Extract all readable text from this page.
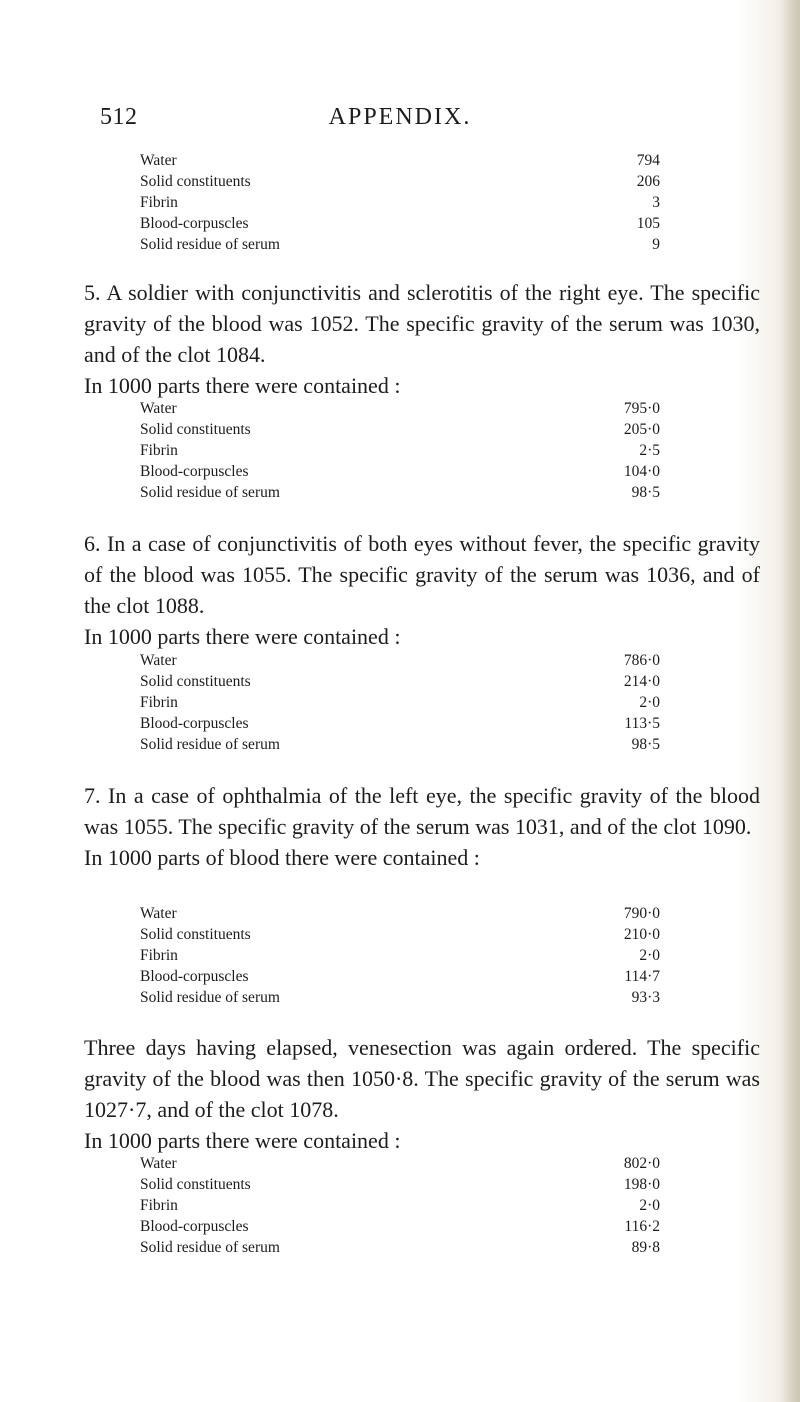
512	APPENDIX.
Water	794
Solid constituents	206
Fibrin	3
Blood-corpuscles	105
Solid residue of serum	9

5. A soldier with conjunctivitis and sclerotitis of the right eye. The specific gravity of the blood was 1052. The specific gravity of the serum was 1030, and of the clot 1084.

In 1000 parts there were contained :

Water	795·0
Solid constituents	205·0
Fibrin	2·5
Blood-corpuscles	104·0
Solid residue of serum	98·5

6. In a case of conjunctivitis of both eyes without fever, the specific gravity of the blood was 1055. The specific gravity of the serum was 1036, and of the clot 1088.

In 1000 parts there were contained :

Water	786·0
Solid constituents	214·0
Fibrin	2·0
Blood-corpuscles	113·5
Solid residue of serum	98·5

7. In a case of ophthalmia of the left eye, the specific gravity of the blood was 1055. The specific gravity of the serum was 1031, and of the clot 1090.

In 1000 parts of blood there were contained :

Water	790·0
Solid constituents	210·0
Fibrin	2·0
Blood-corpuscles	114·7
Solid residue of serum	93·3

Three days having elapsed, venesection was again ordered. The specific gravity of the blood was then 1050·8. The specific gravity of the serum was 1027·7, and of the clot 1078.

In 1000 parts there were contained :

Water	802·0
Solid constituents	198·0
Fibrin	2·0
Blood-corpuscles	116·2
Solid residue of serum	89·8
